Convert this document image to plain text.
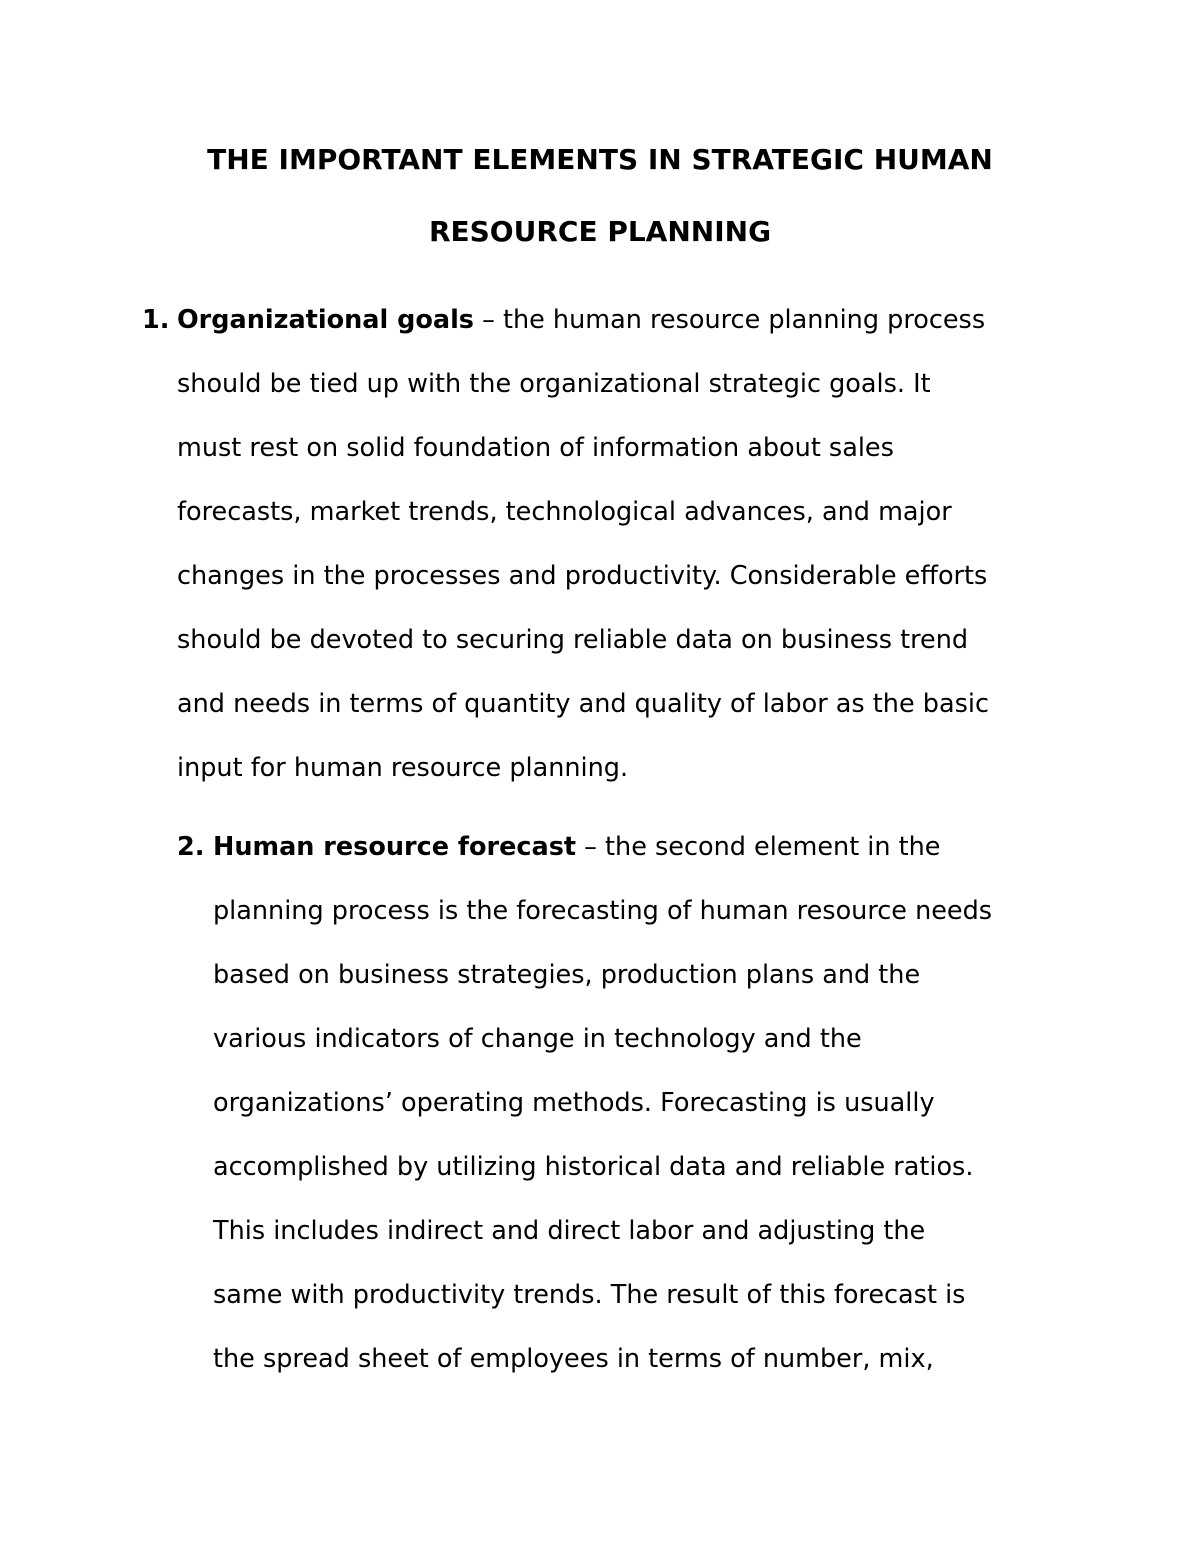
THE IMPORTANT ELEMENTS IN STRATEGIC HUMAN
RESOURCE PLANNING
1. Organizational goals – the human resource planning process
should be tied up with the organizational strategic goals. It
must rest on solid foundation of information about sales
forecasts, market trends, technological advances, and major
changes in the processes and productivity. Considerable efforts
should be devoted to securing reliable data on business trend
and needs in terms of quantity and quality of labor as the basic
input for human resource planning.
2. Human resource forecast – the second element in the
planning process is the forecasting of human resource needs
based on business strategies, production plans and the
various indicators of change in technology and the
organizations’ operating methods. Forecasting is usually
accomplished by utilizing historical data and reliable ratios.
This includes indirect and direct labor and adjusting the
same with productivity trends. The result of this forecast is
the spread sheet of employees in terms of number, mix,
